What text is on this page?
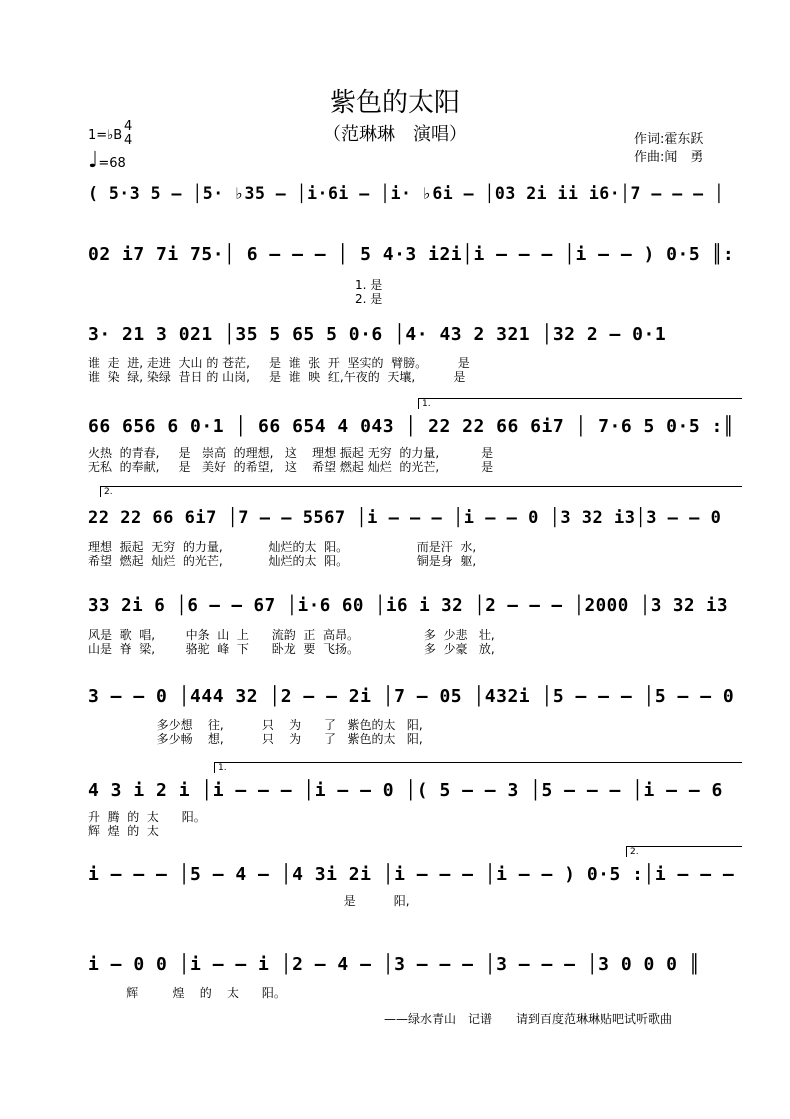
紫色的太阳
（范琳琳　演唱）
1=♭B
4
4
♩=68
作词:霍东跃
作曲:闻　勇
( 5·3 5 – │5· ♭35 – │i·6i – │i· ♭6i – │03 2i ii i6·│7 – – – │
02 i7 7i 75·│ 6 – – – │ 5 4·3 i2i│i – – – │i – – ) 0·5 ║:
1. 是
2. 是
3· 21 3 021 │35 5 65 5 0·6 │4· 43 2 321 │32 2 – 0·1
谁  走  进, 走进  大山 的 苍茫,     是  谁  张  开  坚实的  臂膀。        是
谁  染  绿, 染绿  昔日 的 山岗,     是  谁  映  红,午夜的  天壤,          是
1.
66 656 6 0·1 │ 66 654 4 043 │ 22 22 66 6i7 │ 7·6 5 0·5 :║
火热  的青春,     是   崇高  的理想,   这    理想 振起 无穷  的力量,           是
无私  的奉献,     是   美好  的希望,   这    希望 燃起 灿烂  的光芒,           是
2.
22 22 66 6i7 │7 – – 5567 │i – – – │i – – 0 │3 32 i3│3 – – 0
理想  振起  无穷  的力量,            灿烂的太  阳。                  而是汗  水,
希望  燃起  灿烂  的光芒,            灿烂的太  阳。                  铜是身  躯,
33 2i 6 │6 – – 67 │i·6 60 │i6 i 32 │2 – – – │2000 │3 32 i3
风是  歌  唱,        中条  山  上      流韵  正  高昂。                 多  少悲   壮,
山是  脊  梁,        骆驼  峰  下      卧龙  要  飞扬。                 多  少豪   放,
3 – – 0 │444 32 │2 – – 2i │7 – 05 │432i │5 – – – │5 – – 0
多少想    往,          只    为      了   紫色的太   阳,
多少畅    想,          只    为      了   紫色的太   阳,
1.
4 3 i 2 i │i – – – │i – – 0 │( 5 – – 3 │5 – – – │i – – 6
升  腾  的  太      阳。
辉  煌  的  太
2.
i – – – │5 – 4 – │4 3i 2i │i – – – │i – – ) 0·5 :│i – – –
是          阳,
i – 0 0 │i – – i │2 – 4 – │3 – – – │3 – – – │3 0 0 0 ║
辉         煌    的    太      阳。
——绿水青山　记谱 请到百度范琳琳贴吧试听歌曲
